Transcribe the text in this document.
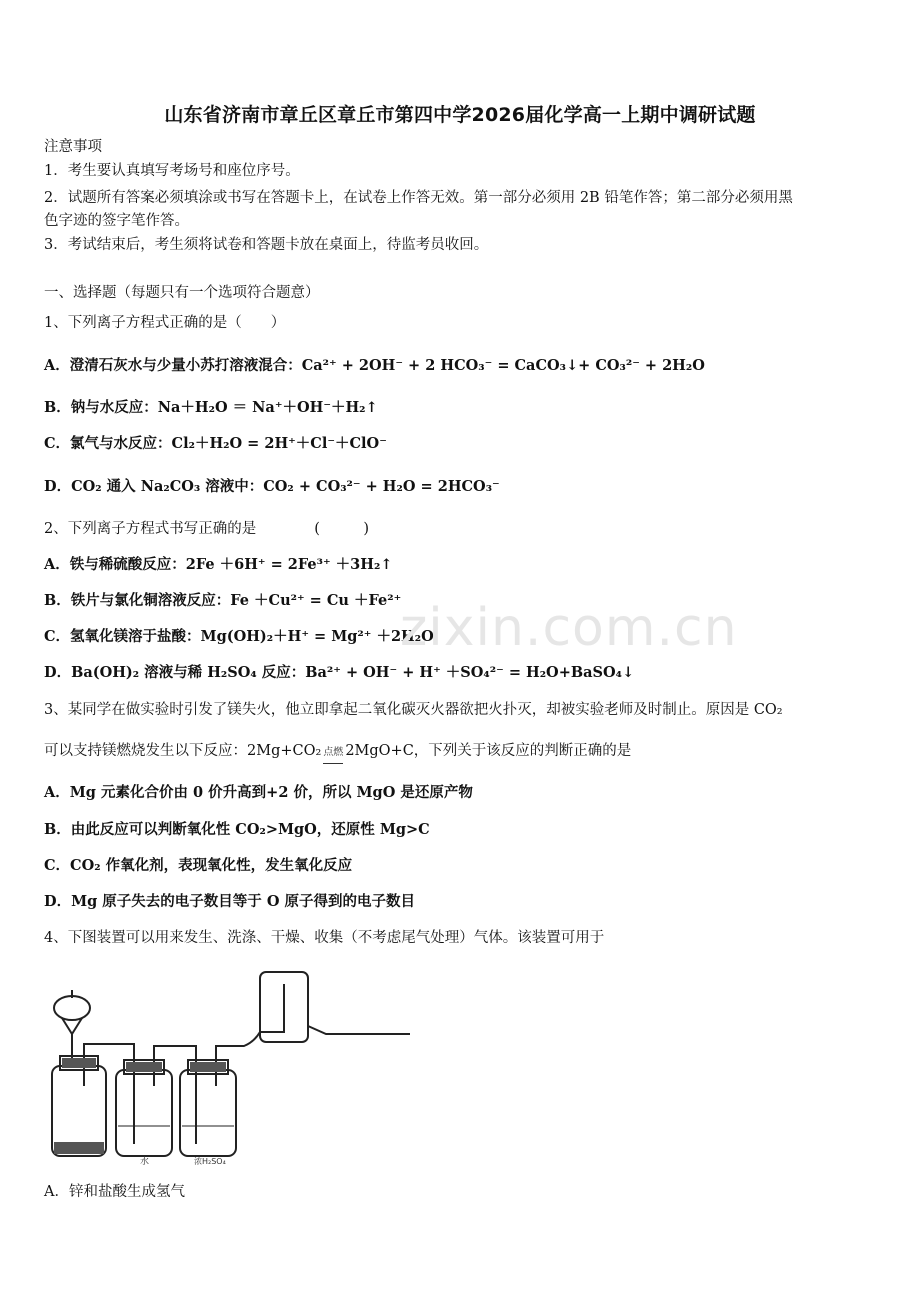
山东省济南市章丘区章丘市第四中学2026届化学高一上期中调研试题
注意事项
1．考生要认真填写考场号和座位序号。
2．试题所有答案必须填涂或书写在答题卡上，在试卷上作答无效。第一部分必须用 2B 铅笔作答；第二部分必须用黑
色字迹的签字笔作答。
3．考试结束后，考生须将试卷和答题卡放在桌面上，待监考员收回。
一、选择题（每题只有一个选项符合题意）
1、下列离子方程式正确的是（　　）
A．澄清石灰水与少量小苏打溶液混合：Ca²⁺ + 2OH⁻ + 2 HCO₃⁻ = CaCO₃↓+ CO₃²⁻ + 2H₂O
B．钠与水反应：Na＋H₂O ＝ Na⁺＋OH⁻＋H₂↑
C．氯气与水反应：Cl₂＋H₂O = 2H⁺＋Cl⁻＋ClO⁻
D．CO₂ 通入 Na₂CO₃ 溶液中：CO₂ + CO₃²⁻ + H₂O = 2HCO₃⁻
2、下列离子方程式书写正确的是　　　　(　　　)
A．铁与稀硫酸反应：2Fe ＋6H⁺ = 2Fe³⁺ ＋3H₂↑
B．铁片与氯化铜溶液反应：Fe ＋Cu²⁺ = Cu ＋Fe²⁺
C．氢氧化镁溶于盐酸：Mg(OH)₂＋H⁺ = Mg²⁺ ＋2H₂O
D．Ba(OH)₂ 溶液与稀 H₂SO₄ 反应：Ba²⁺ + OH⁻ + H⁺ ＋SO₄²⁻ = H₂O+BaSO₄↓
3、某同学在做实验时引发了镁失火，他立即拿起二氧化碳灭火器欲把火扑灭，却被实验老师及时制止。原因是 CO₂
可以支持镁燃烧发生以下反应：2Mg+CO₂ 点燃 2MgO+C，下列关于该反应的判断正确的是
A．Mg 元素化合价由 0 价升高到+2 价，所以 MgO 是还原产物
B．由此反应可以判断氧化性 CO₂>MgO，还原性 Mg>C
C．CO₂ 作氧化剂，表现氧化性，发生氧化反应
D．Mg 原子失去的电子数目等于 O 原子得到的电子数目
4、下图装置可以用来发生、洗涤、干燥、收集（不考虑尾气处理）气体。该装置可用于
zixin.com.cn
水	浓H₂SO₄
A．锌和盐酸生成氢气
